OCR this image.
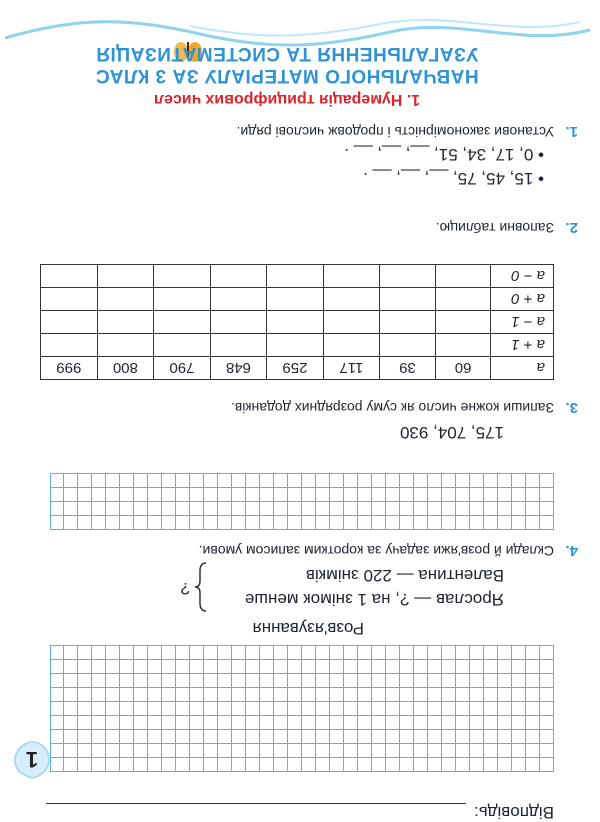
УЗАГАЛЬНЕННЯ ТА СИСТЕМАТИЗАЦІЯ
НАВЧАЛЬНОГО МАТЕРІАЛУ ЗА 3 КЛАС
1. Нумерація трицифрових чисел
1.
Установи закономірність і продовж числові ряди.
• 0, 17, 34, 51, __, __, __ .
• 15, 45, 75, __, __, __ .
2.
Заповни таблицю.
a	60	39	117	259	648	790	800	999
a + 1								
a − 1								
a + 0								
a − 0								
3.
Запиши кожне число як суму розрядних доданків.
175, 704, 930
4.
Склади й розв'яжи задачу за коротким записом умови.
Валентина — 220 знімків
Ярослав — ?, на 1 знімок менше
?
Розв'язування
Відповідь:
1
